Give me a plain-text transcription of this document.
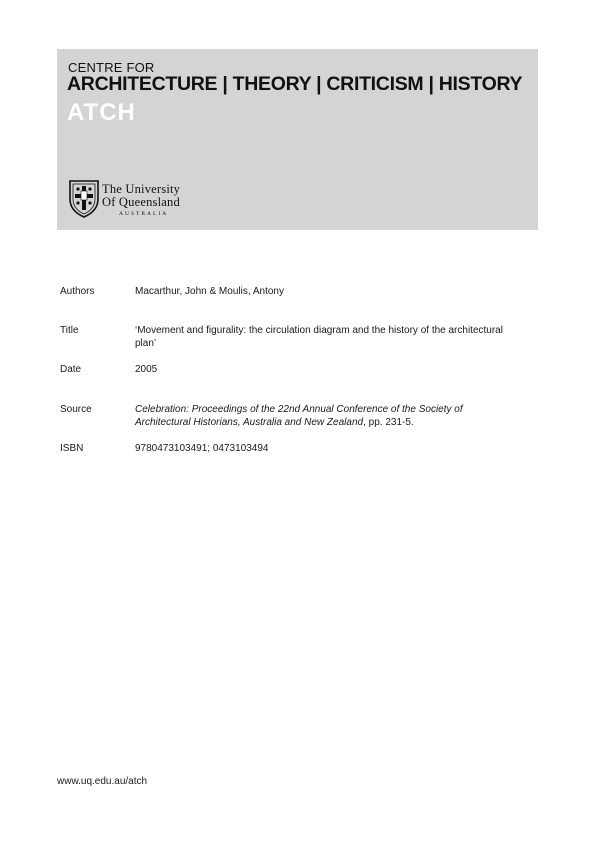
CENTRE FOR
ARCHITECTURE | THEORY | CRITICISM | HISTORY
ATCH
The University
Of Queensland
AUSTRALIA
Authors	Macarthur, John & Moulis, Antony
Title	‘Movement and figurality: the circulation diagram and the history of the architectural plan’
Date	2005
Source	Celebration: Proceedings of the 22nd Annual Conference of the Society of Architectural Historians, Australia and New Zealand, pp. 231-5.
ISBN	9780473103491; 0473103494
www.uq.edu.au/atch
